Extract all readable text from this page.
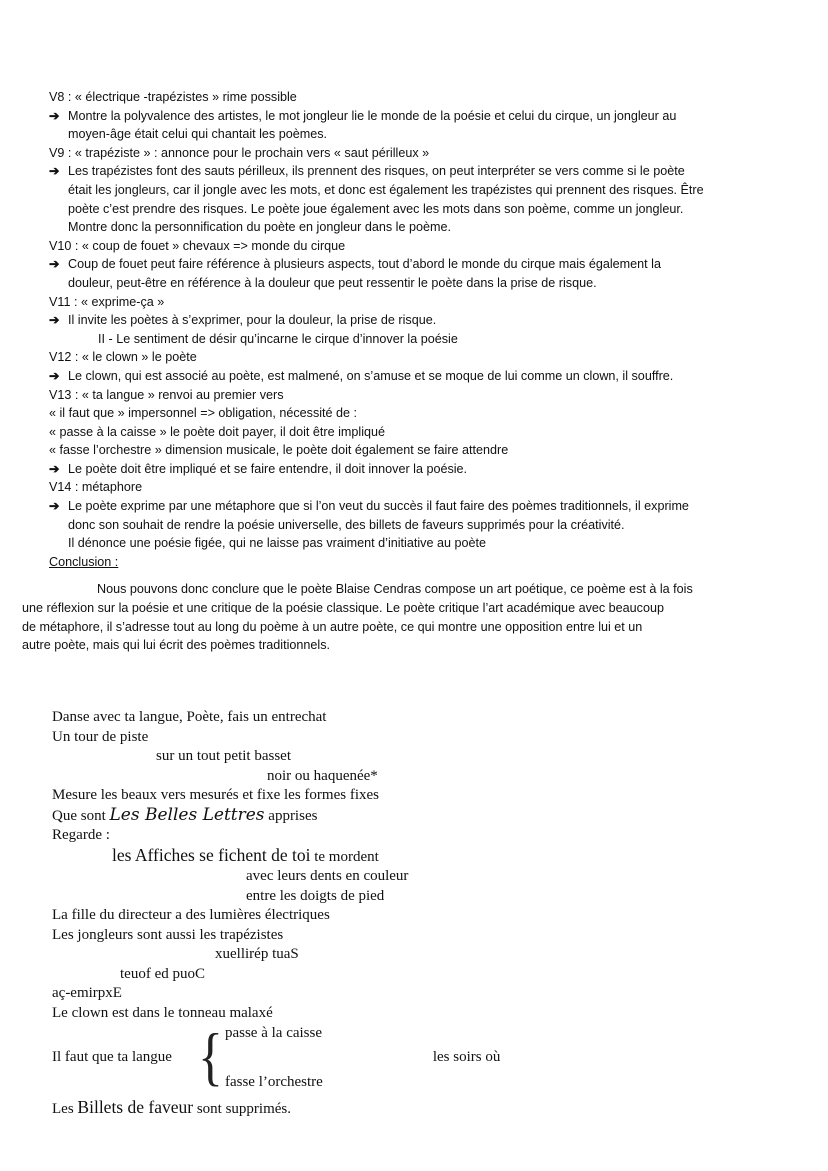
V8 : « électrique -trapézistes » rime possible
➔ Montre la polyvalence des artistes, le mot jongleur lie le monde de la poésie et celui du cirque, un jongleur au
moyen-âge était celui qui chantait les poèmes.
V9 : « trapéziste » : annonce pour le prochain vers « saut périlleux »
➔ Les trapézistes font des sauts périlleux, ils prennent des risques, on peut interpréter se vers comme si le poète
était les jongleurs, car il jongle avec les mots, et donc est également les trapézistes qui prennent des risques. Être
poète c’est prendre des risques. Le poète joue également avec les mots dans son poème, comme un jongleur.
Montre donc la personnification du poète en jongleur dans le poème.
V10 : « coup de fouet » chevaux => monde du cirque
➔ Coup de fouet peut faire référence à plusieurs aspects, tout d’abord le monde du cirque mais également la
douleur, peut-être en référence à la douleur que peut ressentir le poète dans la prise de risque.
V11 : « exprime-ça »
➔ Il invite les poètes à s’exprimer, pour la douleur, la prise de risque.
II - Le sentiment de désir qu’incarne le cirque d’innover la poésie
V12 : « le clown » le poète
➔ Le clown, qui est associé au poète, est malmené, on s’amuse et se moque de lui comme un clown, il souffre.
V13 : « ta langue » renvoi au premier vers
« il faut que » impersonnel => obligation, nécessité de :
« passe à la caisse » le poète doit payer, il doit être impliqué
« fasse l’orchestre » dimension musicale, le poète doit également se faire attendre
➔ Le poète doit être impliqué et se faire entendre, il doit innover la poésie.
V14 : métaphore
➔ Le poète exprime par une métaphore que si l’on veut du succès il faut faire des poèmes traditionnels, il exprime
donc son souhait de rendre la poésie universelle, des billets de faveurs supprimés pour la créativité.
Il dénonce une poésie figée, qui ne laisse pas vraiment d’initiative au poète
Conclusion :
Nous pouvons donc conclure que le poète Blaise Cendras compose un art poétique, ce poème est à la fois
une réflexion sur la poésie et une critique de la poésie classique. Le poète critique l’art académique avec beaucoup
de métaphore, il s’adresse tout au long du poème à un autre poète, ce qui montre une opposition entre lui et un
autre poète, mais qui lui écrit des poèmes traditionnels.
Danse avec ta langue, Poète, fais un entrechat
Un tour de piste
sur un tout petit basset
noir ou haquenée*
Mesure les beaux vers mesurés et fixe les formes fixes
Que sont Les Belles Lettres apprises
Regarde :
les Affiches se fichent de toi te mordent
avec leurs dents en couleur
entre les doigts de pied
La fille du directeur a des lumières électriques
Les jongleurs sont aussi les trapézistes
xuellirép tuaS
teuof ed puoC
aç-emirpxE
Le clown est dans le tonneau malaxé
Il faut que ta langue { passe à la caisse
fasse l’orchestre
les soirs où
Les Billets de faveur sont supprimés.
